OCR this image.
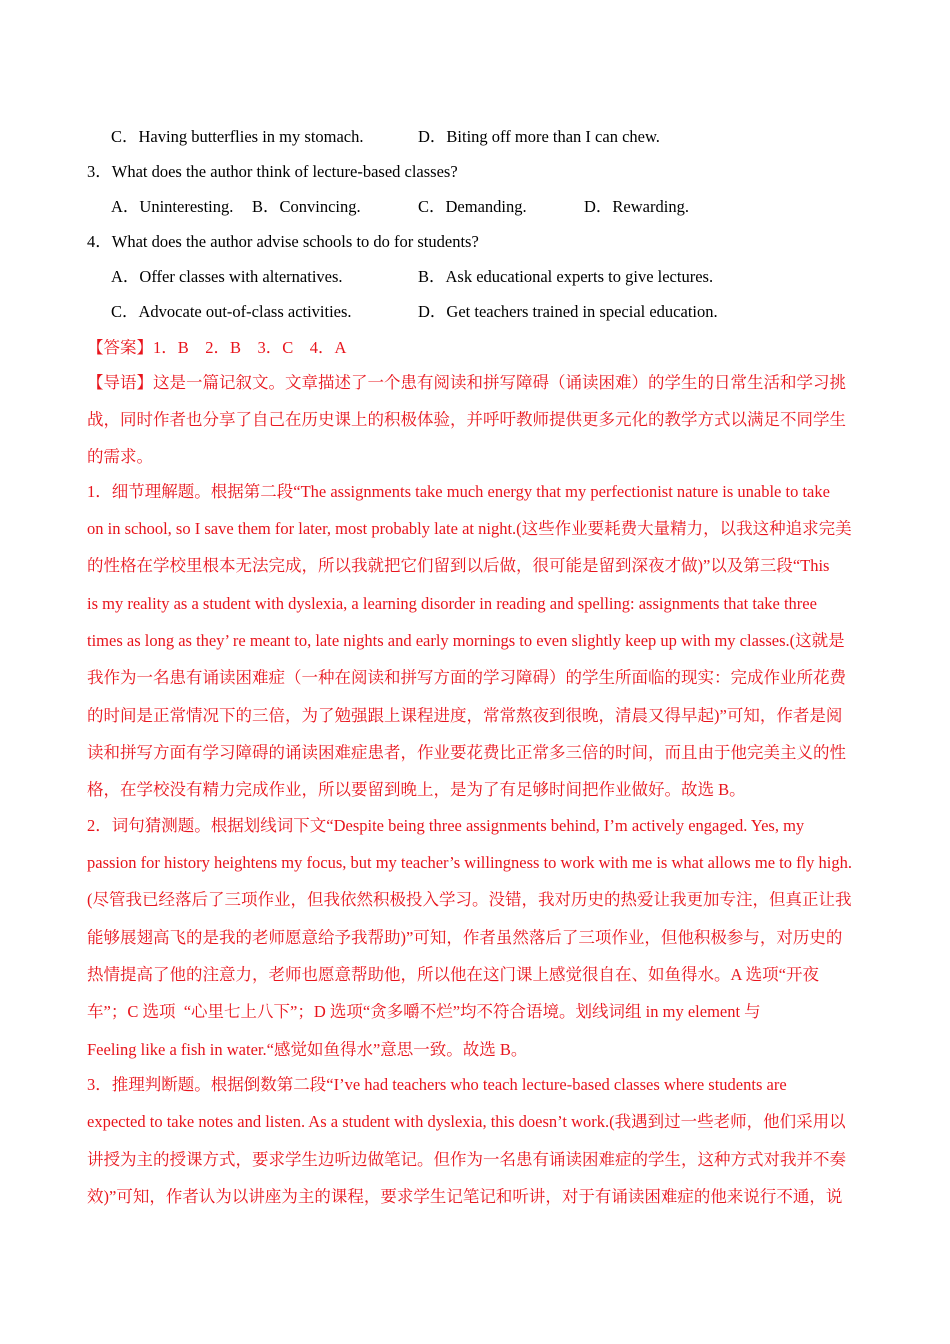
C．Having butterflies in my stomach.	D．Biting off more than I can chew.
3．What does the author think of lecture-based classes?
A．Uninteresting. B．Convincing.	C．Demanding.	D．Rewarding.
4．What does the author advise schools to do for students?
A．Offer classes with alternatives.	B．Ask educational experts to give lectures.
C．Advocate out-of-class activities.	D．Get teachers trained in special education.
【答案】1．B    2．B    3．C    4．A
【导语】这是一篇记叙文。文章描述了一个患有阅读和拼写障碍（诵读困难）的学生的日常生活和学习挑
战，同时作者也分享了自己在历史课上的积极体验，并呼吁教师提供更多元化的教学方式以满足不同学生
的需求。
1．细节理解题。根据第二段“The assignments take much energy that my perfectionist nature is unable to take
on in school, so I save them for later, most probably late at night.(这些作业要耗费大量精力，以我这种追求完美
的性格在学校里根本无法完成，所以我就把它们留到以后做，很可能是留到深夜才做)”以及第三段“This
is my reality as a student with dyslexia, a learning disorder in reading and spelling: assignments that take three
times as long as they’ re meant to, late nights and early mornings to even slightly keep up with my classes.(这就是
我作为一名患有诵读困难症（一种在阅读和拼写方面的学习障碍）的学生所面临的现实：完成作业所花费
的时间是正常情况下的三倍，为了勉强跟上课程进度，常常熬夜到很晚，清晨又得早起)”可知，作者是阅
读和拼写方面有学习障碍的诵读困难症患者，作业要花费比正常多三倍的时间，而且由于他完美主义的性
格，在学校没有精力完成作业，所以要留到晚上，是为了有足够时间把作业做好。故选 B。
2．词句猜测题。根据划线词下文“Despite being three assignments behind, I’m actively engaged. Yes, my
passion for history heightens my focus, but my teacher’s willingness to work with me is what allows me to fly high.
(尽管我已经落后了三项作业，但我依然积极投入学习。没错，我对历史的热爱让我更加专注，但真正让我
能够展翅高飞的是我的老师愿意给予我帮助)”可知，作者虽然落后了三项作业，但他积极参与，对历史的
热情提高了他的注意力，老师也愿意帮助他，所以他在这门课上感觉很自在、如鱼得水。A 选项“开夜
车”；C 选项  “心里七上八下”；D 选项“贪多嚼不烂”均不符合语境。划线词组 in my element 与
Feeling like a fish in water.“感觉如鱼得水”意思一致。故选 B。
3．推理判断题。根据倒数第二段“I’ve had teachers who teach lecture-based classes where students are
expected to take notes and listen. As a student with dyslexia, this doesn’t work.(我遇到过一些老师，他们采用以
讲授为主的授课方式，要求学生边听边做笔记。但作为一名患有诵读困难症的学生，这种方式对我并不奏
效)”可知，作者认为以讲座为主的课程，要求学生记笔记和听讲，对于有诵读困难症的他来说行不通，说
